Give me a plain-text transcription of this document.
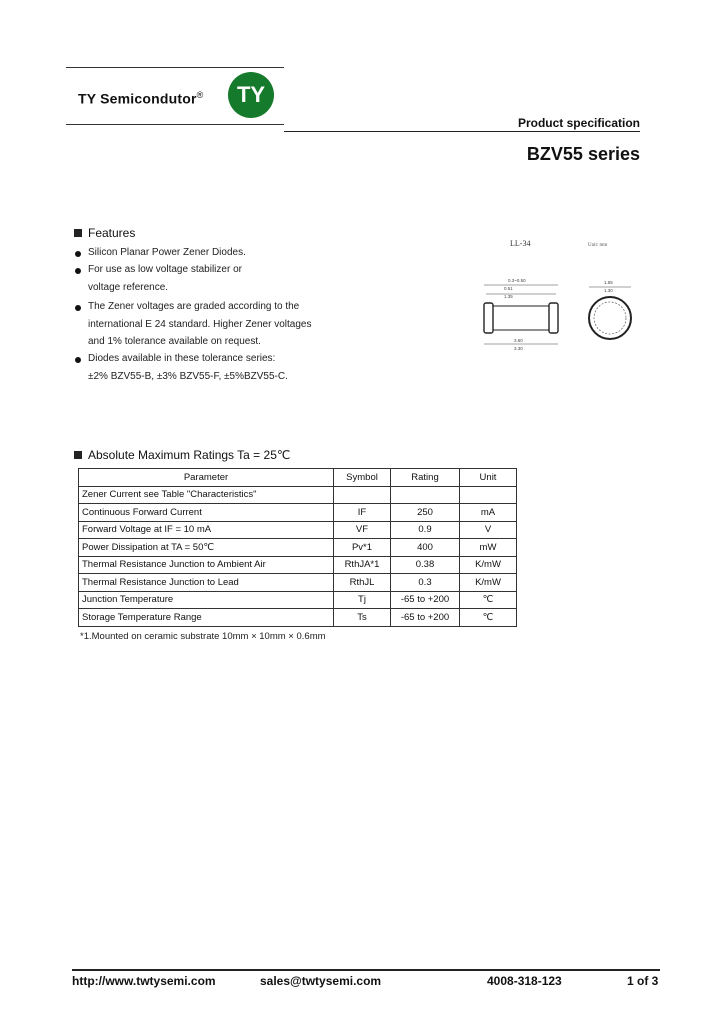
TY Semicondutor®	TY
Product specification
BZV55 series
Features
Silicon Planar Power Zener Diodes.
For use as low voltage stabilizer or
voltage reference.
The Zener voltages are graded according to the
international E 24 standard. Higher Zener voltages
and 1% tolerance available on request.
Diodes available in these tolerance series:
±2% BZV55-B, ±3% BZV55-F, ±5%BZV55-C.
LL-34	Unit: mm
0.3~0.50
0.51
1.35
3.60
3.30
1.55
1.30
Absolute Maximum Ratings Ta = 25℃
Parameter	Symbol	Rating	Unit
Zener Current see Table "Characteristics"			
Continuous Forward Current	IF	250	mA
Forward Voltage at IF = 10 mA	VF	0.9	V
Power Dissipation at TA = 50℃	Pv*1	400	mW
Thermal Resistance Junction to Ambient Air	RthJA*1	0.38	K/mW
Thermal Resistance Junction to Lead	RthJL	0.3	K/mW
Junction Temperature	Tj	-65 to +200	℃
Storage Temperature Range	Ts	-65 to +200	℃
*1.Mounted on ceramic substrate 10mm × 10mm × 0.6mm
http://www.twtysemi.com	sales@twtysemi.com	4008-318-123	1 of 3
